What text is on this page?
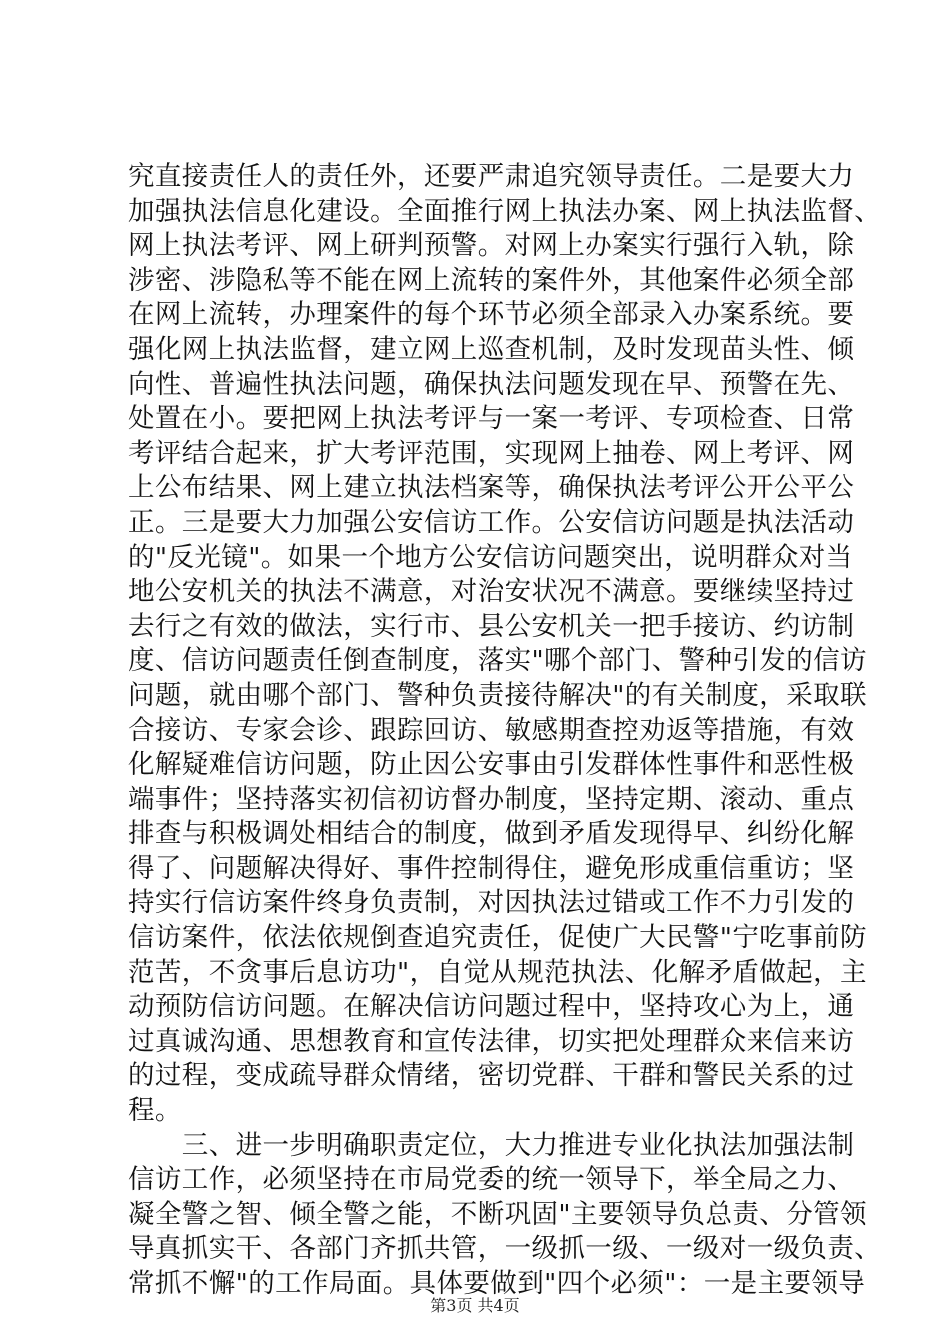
究直接责任人的责任外，还要严肃追究领导责任。二是要大力
加强执法信息化建设。全面推行网上执法办案、网上执法监督、
网上执法考评、网上研判预警。对网上办案实行强行入轨，除
涉密、涉隐私等不能在网上流转的案件外，其他案件必须全部
在网上流转，办理案件的每个环节必须全部录入办案系统。要
强化网上执法监督，建立网上巡查机制，及时发现苗头性、倾
向性、普遍性执法问题，确保执法问题发现在早、预警在先、
处置在小。要把网上执法考评与一案一考评、专项检查、日常
考评结合起来，扩大考评范围，实现网上抽卷、网上考评、网
上公布结果、网上建立执法档案等，确保执法考评公开公平公
正。三是要大力加强公安信访工作。公安信访问题是执法活动
的"反光镜"。如果一个地方公安信访问题突出，说明群众对当
地公安机关的执法不满意，对治安状况不满意。要继续坚持过
去行之有效的做法，实行市、县公安机关一把手接访、约访制
度、信访问题责任倒查制度，落实"哪个部门、警种引发的信访
问题，就由哪个部门、警种负责接待解决"的有关制度，采取联
合接访、专家会诊、跟踪回访、敏感期查控劝返等措施，有效
化解疑难信访问题，防止因公安事由引发群体性事件和恶性极
端事件；坚持落实初信初访督办制度，坚持定期、滚动、重点
排查与积极调处相结合的制度，做到矛盾发现得早、纠纷化解
得了、问题解决得好、事件控制得住，避免形成重信重访；坚
持实行信访案件终身负责制，对因执法过错或工作不力引发的
信访案件，依法依规倒查追究责任，促使广大民警"宁吃事前防
范苦，不贪事后息访功"，自觉从规范执法、化解矛盾做起，主
动预防信访问题。在解决信访问题过程中，坚持攻心为上，通
过真诚沟通、思想教育和宣传法律，切实把处理群众来信来访
的过程，变成疏导群众情绪，密切党群、干群和警民关系的过
程。
　　三、进一步明确职责定位，大力推进专业化执法加强法制
信访工作，必须坚持在市局党委的统一领导下，举全局之力、
凝全警之智、倾全警之能，不断巩固"主要领导负总责、分管领
导真抓实干、各部门齐抓共管，一级抓一级、一级对一级负责、
常抓不懈"的工作局面。具体要做到"四个必须"：一是主要领导
第3页 共4页
